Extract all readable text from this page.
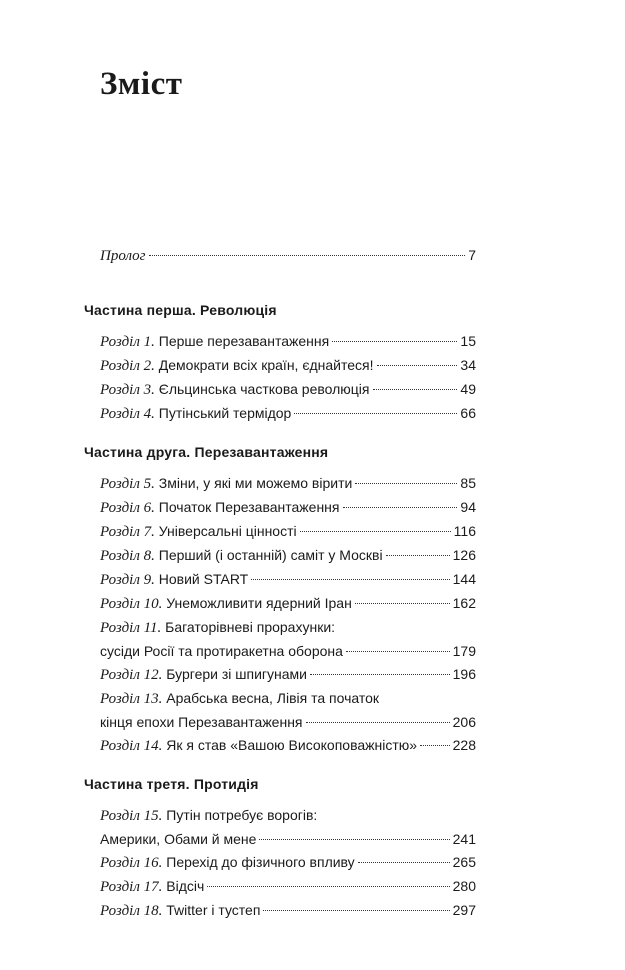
Зміст
Пролог	7
Частина перша. Революція
Розділ 1. Перше перезавантаження	15
Розділ 2. Демократи всіх країн, єднайтеся!	34
Розділ 3. Єльцинська часткова революція	49
Розділ 4. Путінський термідор	66
Частина друга. Перезавантаження
Розділ 5. Зміни, у які ми можемо вірити	85
Розділ 6. Початок Перезавантаження	94
Розділ 7. Універсальні цінності	116
Розділ 8. Перший (і останній) саміт у Москві	126
Розділ 9. Новий START	144
Розділ 10. Унеможливити ядерний Іран	162
Розділ 11. Багаторівневі прорахунки:
сусіди Росії та протиракетна оборона	179
Розділ 12. Бургери зі шпигунами	196
Розділ 13. Арабська весна, Лівія та початок
кінця епохи Перезавантаження	206
Розділ 14. Як я став «Вашою Високоповажністю»	228
Частина третя. Протидія
Розділ 15. Путін потребує ворогів:
Америки, Обами й мене	241
Розділ 16. Перехід до фізичного впливу	265
Розділ 17. Відсіч	280
Розділ 18. Twitter і тустеп	297
